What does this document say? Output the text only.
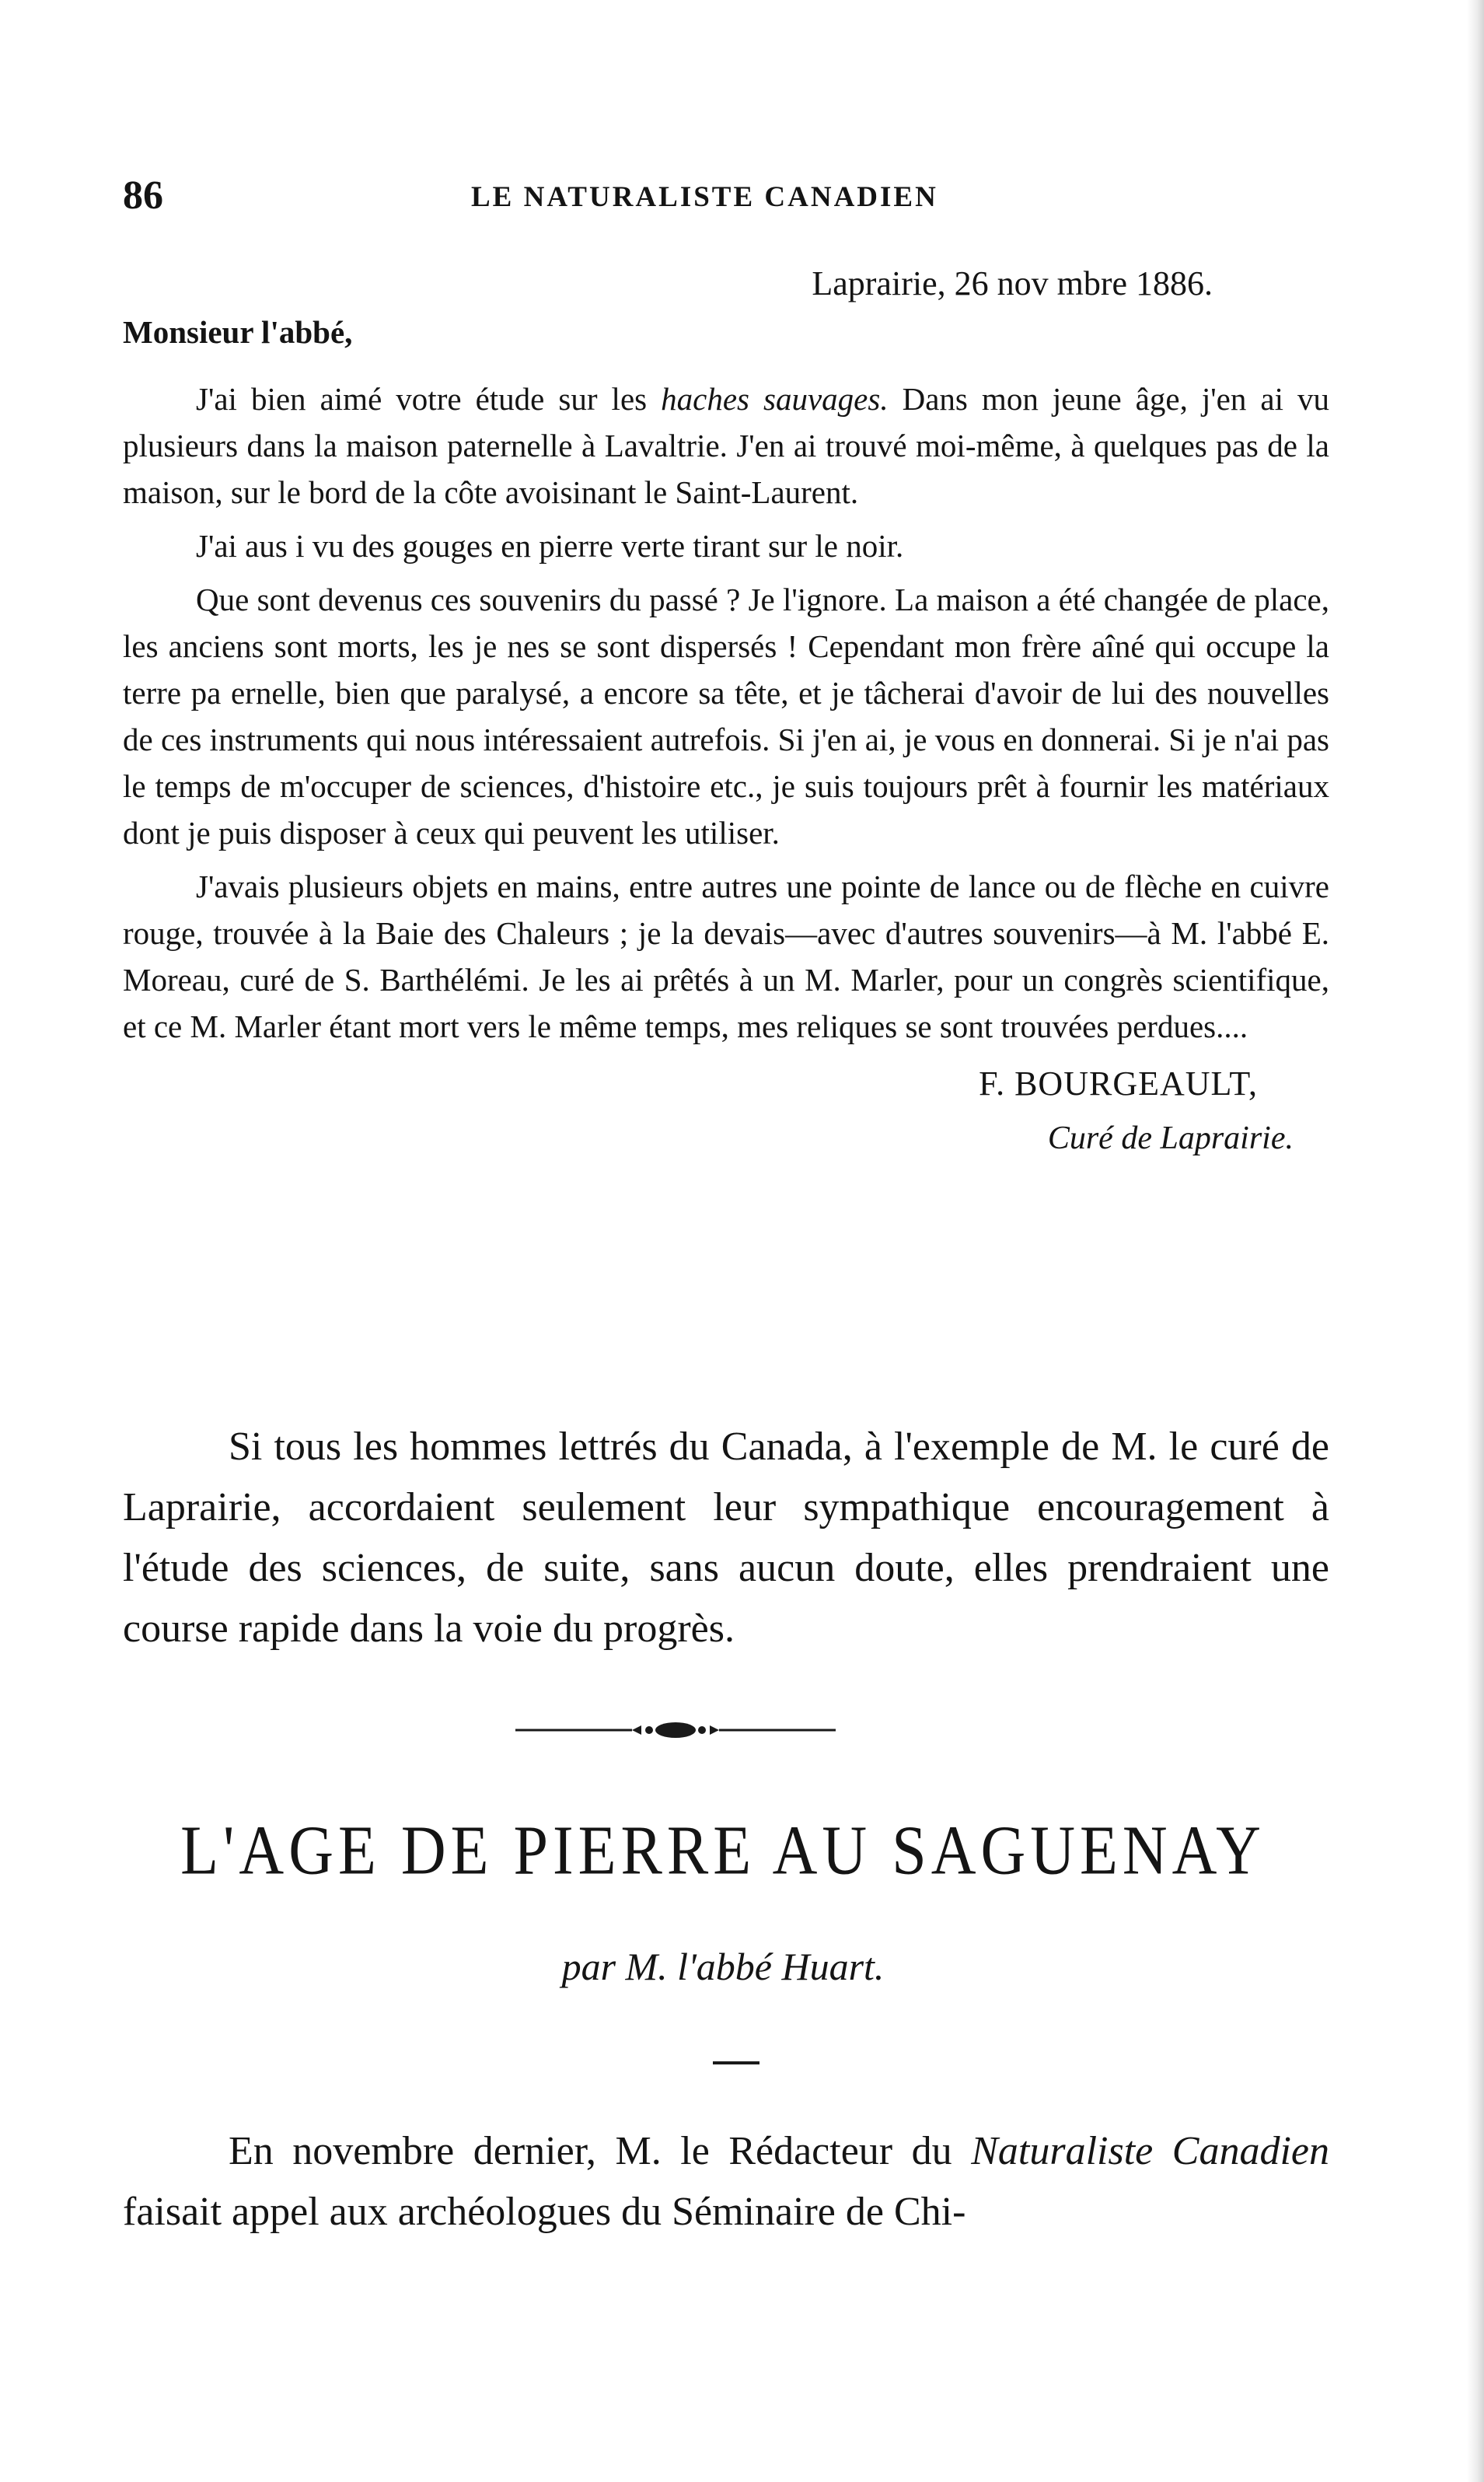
86	LE NATURALISTE CANADIEN
Laprairie, 26 nov mbre 1886.
Monsieur l'abbé,

J'ai bien aimé votre étude sur les haches sauvages. Dans mon jeune âge, j'en ai vu plusieurs dans la maison paternelle à Lavaltrie. J'en ai trouvé moi-même, à quelques pas de la maison, sur le bord de la côte avoisinant le Saint-Laurent.

J'ai aus i vu des gouges en pierre verte tirant sur le noir.

Que sont devenus ces souvenirs du passé ? Je l'ignore. La maison a été changée de place, les anciens sont morts, les je nes se sont dispersés ! Cependant mon frère aîné qui occupe la terre pa ernelle, bien que paralysé, a encore sa tête, et je tâcherai d'avoir de lui des nouvelles de ces instruments qui nous intéressaient autrefois. Si j'en ai, je vous en donnerai. Si je n'ai pas le temps de m'occuper de sciences, d'histoire etc., je suis toujours prêt à fournir les matériaux dont je puis disposer à ceux qui peuvent les utiliser.

J'avais plusieurs objets en mains, entre autres une pointe de lance ou de flèche en cuivre rouge, trouvée à la Baie des Chaleurs ; je la devais—avec d'autres souvenirs—à M. l'abbé E. Moreau, curé de S. Barthélémi. Je les ai prêtés à un M. Marler, pour un congrès scientifique, et ce M. Marler étant mort vers le même temps, mes reliques se sont trouvées perdues....

F. BOURGEAULT,
Curé de Laprairie.

Si tous les hommes lettrés du Canada, à l'exemple de M. le curé de Laprairie, accordaient seulement leur sympathique encouragement à l'étude des sciences, de suite, sans aucun doute, elles prendraient une course rapide dans la voie du progrès.

L'AGE DE PIERRE AU SAGUENAY
par M. l'abbé Huart.

En novembre dernier, M. le Rédacteur du Naturaliste Canadien faisait appel aux archéologues du Séminaire de Chi-
